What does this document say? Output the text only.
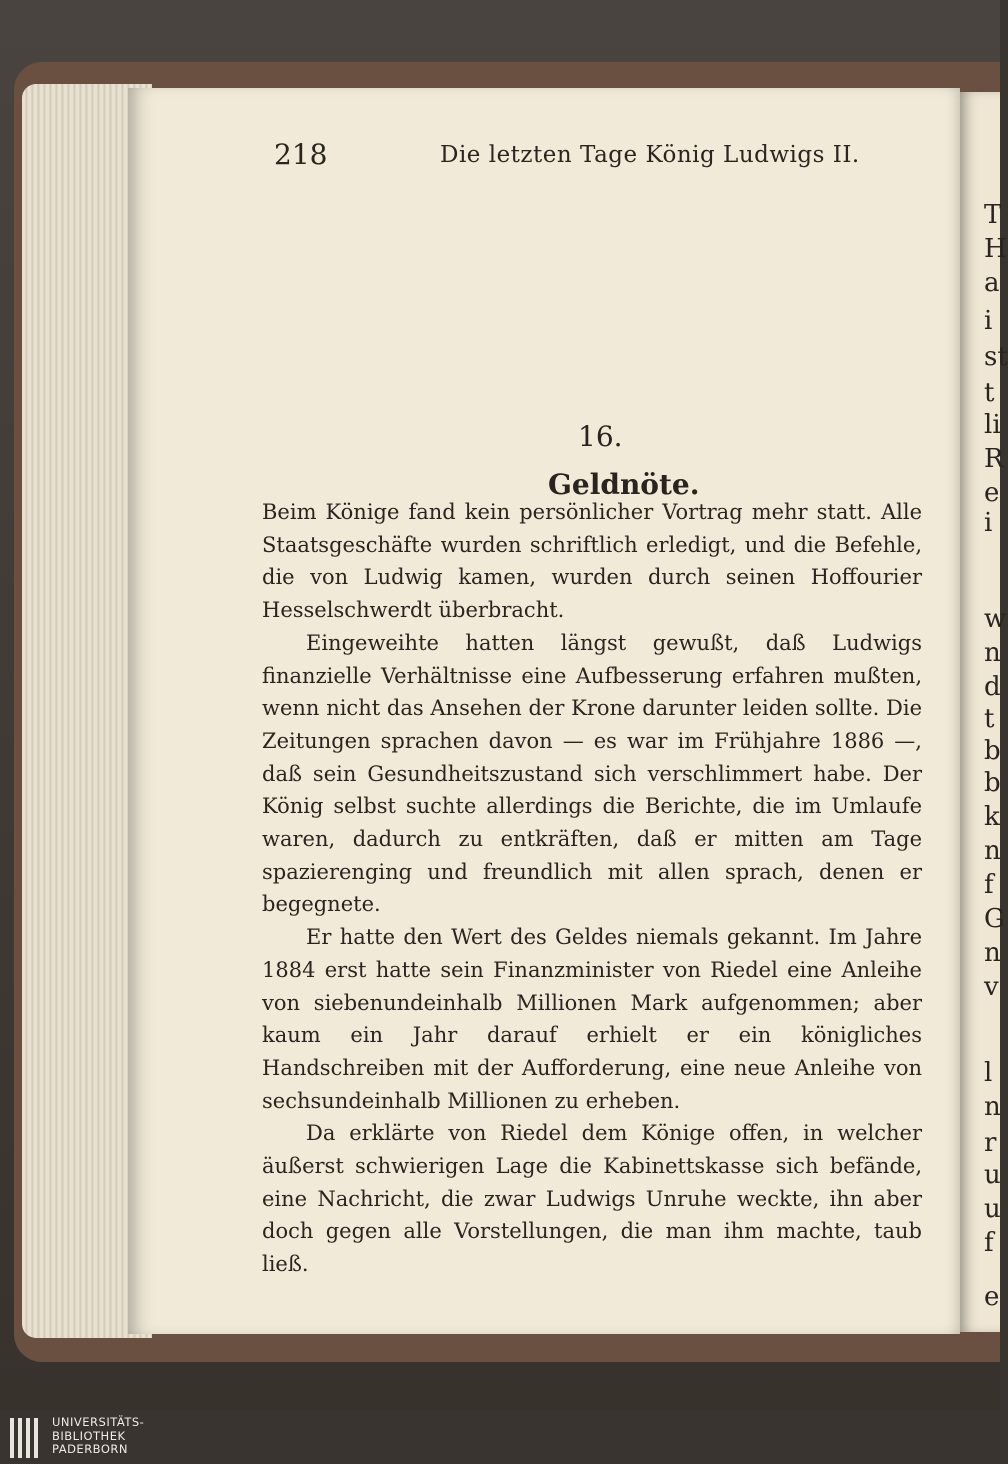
T
H
a
i
st
t
li
R
e
i
w
n
d
t
b
b
k
n
f
G
n
v
l
n
r
u
u
f
e
218	Die letzten Tage König Ludwigs II.
16.
Geldnöte.

Beim Könige fand kein persönlicher Vortrag mehr statt. Alle Staatsgeschäfte wurden schriftlich erledigt, und die Befehle, die von Ludwig kamen, wurden durch seinen Hoffourier Hesselschwerdt überbracht.

Eingeweihte hatten längst gewußt, daß Ludwigs finanzielle Verhältnisse eine Aufbesserung erfahren mußten, wenn nicht das Ansehen der Krone darunter leiden sollte. Die Zeitungen sprachen davon — es war im Frühjahre 1886 —, daß sein Gesundheitszustand sich verschlimmert habe. Der König selbst suchte allerdings die Berichte, die im Umlaufe waren, dadurch zu entkräften, daß er mitten am Tage spazierenging und freundlich mit allen sprach, denen er begegnete.

Er hatte den Wert des Geldes niemals gekannt. Im Jahre 1884 erst hatte sein Finanzminister von Riedel eine Anleihe von siebenundeinhalb Millionen Mark aufgenommen; aber kaum ein Jahr darauf erhielt er ein königliches Handschreiben mit der Aufforderung, eine neue Anleihe von sechsundeinhalb Millionen zu erheben.

Da erklärte von Riedel dem Könige offen, in welcher äußerst schwierigen Lage die Kabinettskasse sich befände, eine Nachricht, die zwar Ludwigs Unruhe weckte, ihn aber doch gegen alle Vorstellungen, die man ihm machte, taub ließ.

UNIVERSITÄTS-
BIBLIOTHEK
PADERBORN
